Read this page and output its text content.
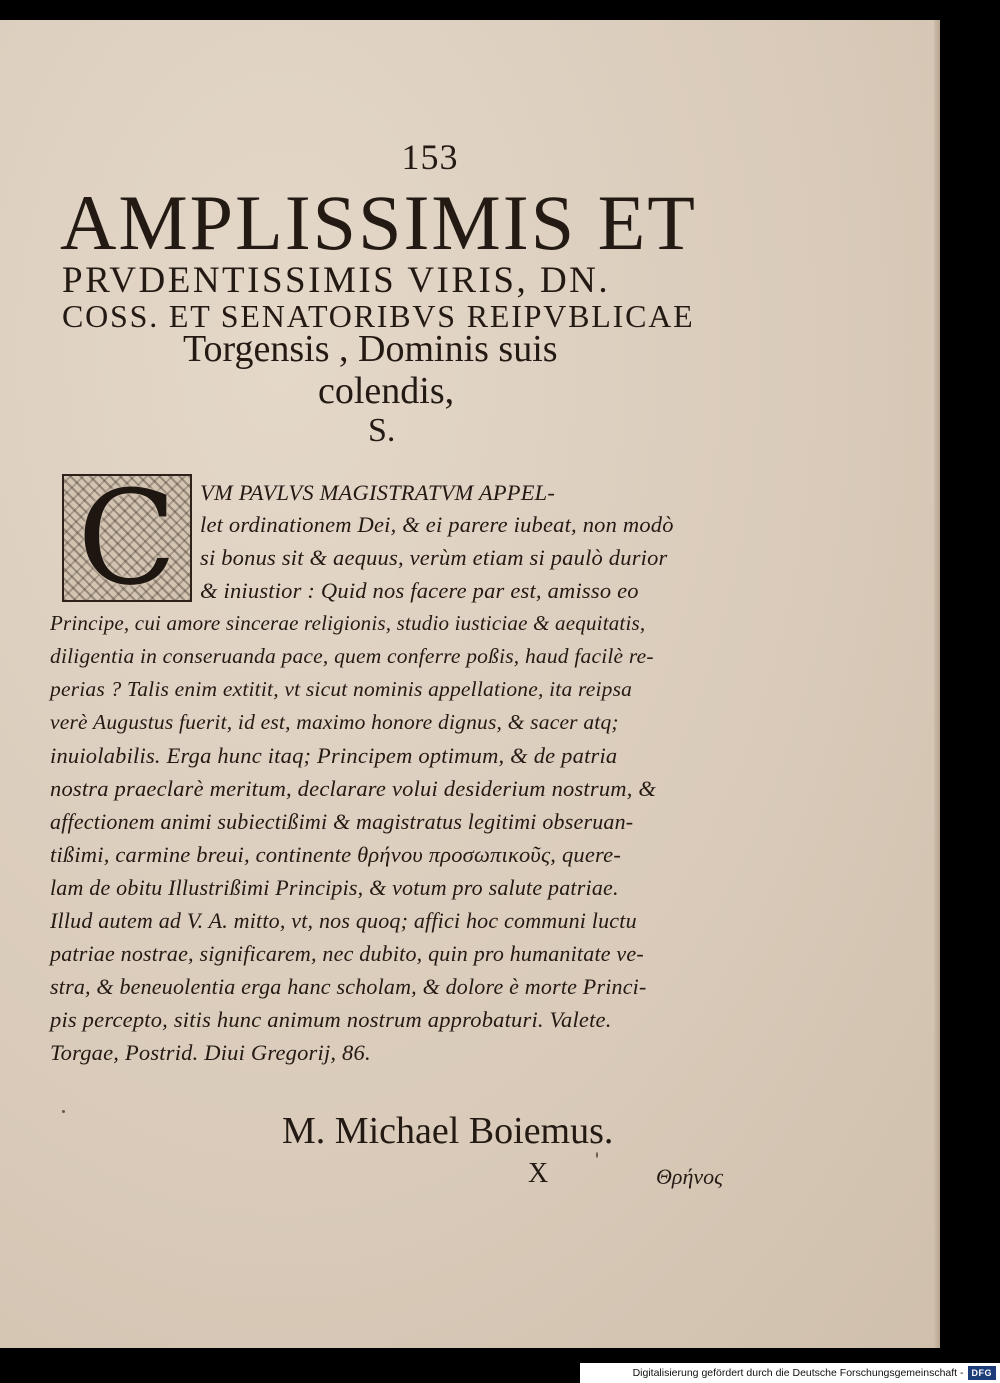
153
AMPLISSIMIS ET
PRVDENTISSIMIS VIRIS, DN.
COSS. ET SENATORIBVS REIPVBLICAE
Torgensis , Dominis suis
colendis,
S.
C VM PAVLVS MAGISTRATVM APPEL-
let ordinationem Dei, & ei parere iubeat, non modò
si bonus sit & aequus, verùm etiam si paulò durior
& iniustior : Quid nos facere par est, amisso eo
Principe, cui amore sincerae religionis, studio iusticiae & aequitatis,
diligentia in conseruanda pace, quem conferre poßis, haud facilè re-
perias ? Talis enim extitit, vt sicut nominis appellatione, ita reipsa
verè Augustus fuerit, id est, maximo honore dignus, & sacer atq;
inuiolabilis. Erga hunc itaq; Principem optimum, & de patria
nostra praeclarè meritum, declarare volui desiderium nostrum, &
affectionem animi subiectißimi & magistratus legitimi obseruan-
tißimi, carmine breui, continente θρήνου προσωπικοῦς, quere-
lam de obitu Illustrißimi Principis, & votum pro salute patriae.
Illud autem ad V. A. mitto, vt, nos quoq; affici hoc communi luctu
patriae nostrae, significarem, nec dubito, quin pro humanitate ve-
stra, & beneuolentia erga hanc scholam, & dolore è morte Princi-
pis percepto, sitis hunc animum nostrum approbaturi. Valete.
Torgae, Postrid. Diui Gregorij, 86.
M. Michael Boiemus.
X	Θρήνος
Digitalisierung gefördert durch die Deutsche Forschungsgemeinschaft - DFG
